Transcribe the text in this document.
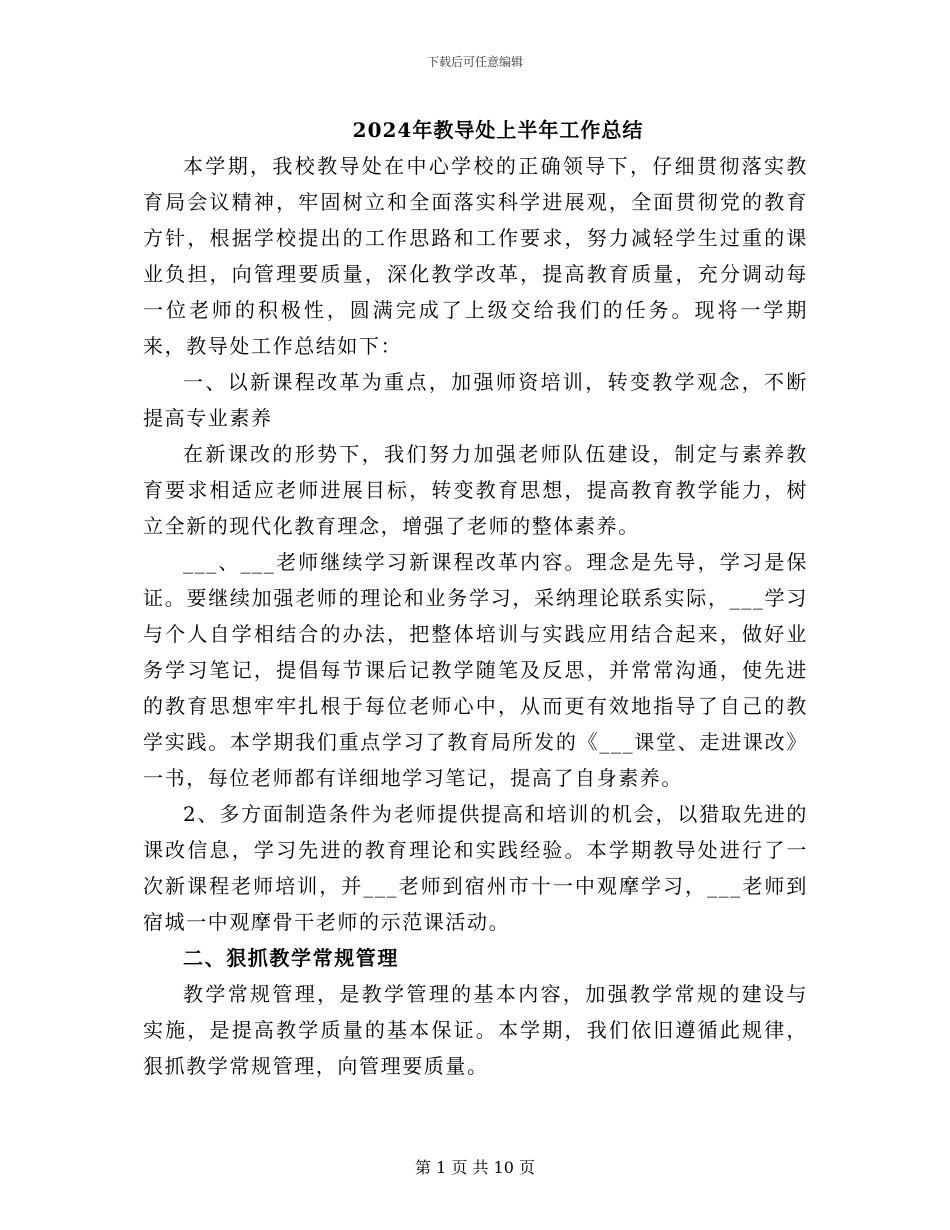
下载后可任意编辑
2024年教导处上半年工作总结

本学期，我校教导处在中心学校的正确领导下，仔细贯彻落实教育局会议精神，牢固树立和全面落实科学进展观，全面贯彻党的教育方针，根据学校提出的工作思路和工作要求，努力减轻学生过重的课业负担，向管理要质量，深化教学改革，提高教育质量，充分调动每一位老师的积极性，圆满完成了上级交给我们的任务。现将一学期来，教导处工作总结如下：

一、以新课程改革为重点，加强师资培训，转变教学观念，不断提高专业素养

在新课改的形势下，我们努力加强老师队伍建设，制定与素养教育要求相适应老师进展目标，转变教育思想，提高教育教学能力，树立全新的现代化教育理念，增强了老师的整体素养。

___、___老师继续学习新课程改革内容。理念是先导，学习是保证。要继续加强老师的理论和业务学习，采纳理论联系实际，___学习与个人自学相结合的办法，把整体培训与实践应用结合起来，做好业务学习笔记，提倡每节课后记教学随笔及反思，并常常沟通，使先进的教育思想牢牢扎根于每位老师心中，从而更有效地指导了自己的教学实践。本学期我们重点学习了教育局所发的《___课堂、走进课改》一书，每位老师都有详细地学习笔记，提高了自身素养。

2、多方面制造条件为老师提供提高和培训的机会，以猎取先进的课改信息，学习先进的教育理论和实践经验。本学期教导处进行了一次新课程老师培训，并___老师到宿州市十一中观摩学习，___老师到宿城一中观摩骨干老师的示范课活动。

二、狠抓教学常规管理

教学常规管理，是教学管理的基本内容，加强教学常规的建设与实施，是提高教学质量的基本保证。本学期，我们依旧遵循此规律，狠抓教学常规管理，向管理要质量。

第 1 页 共 10 页
